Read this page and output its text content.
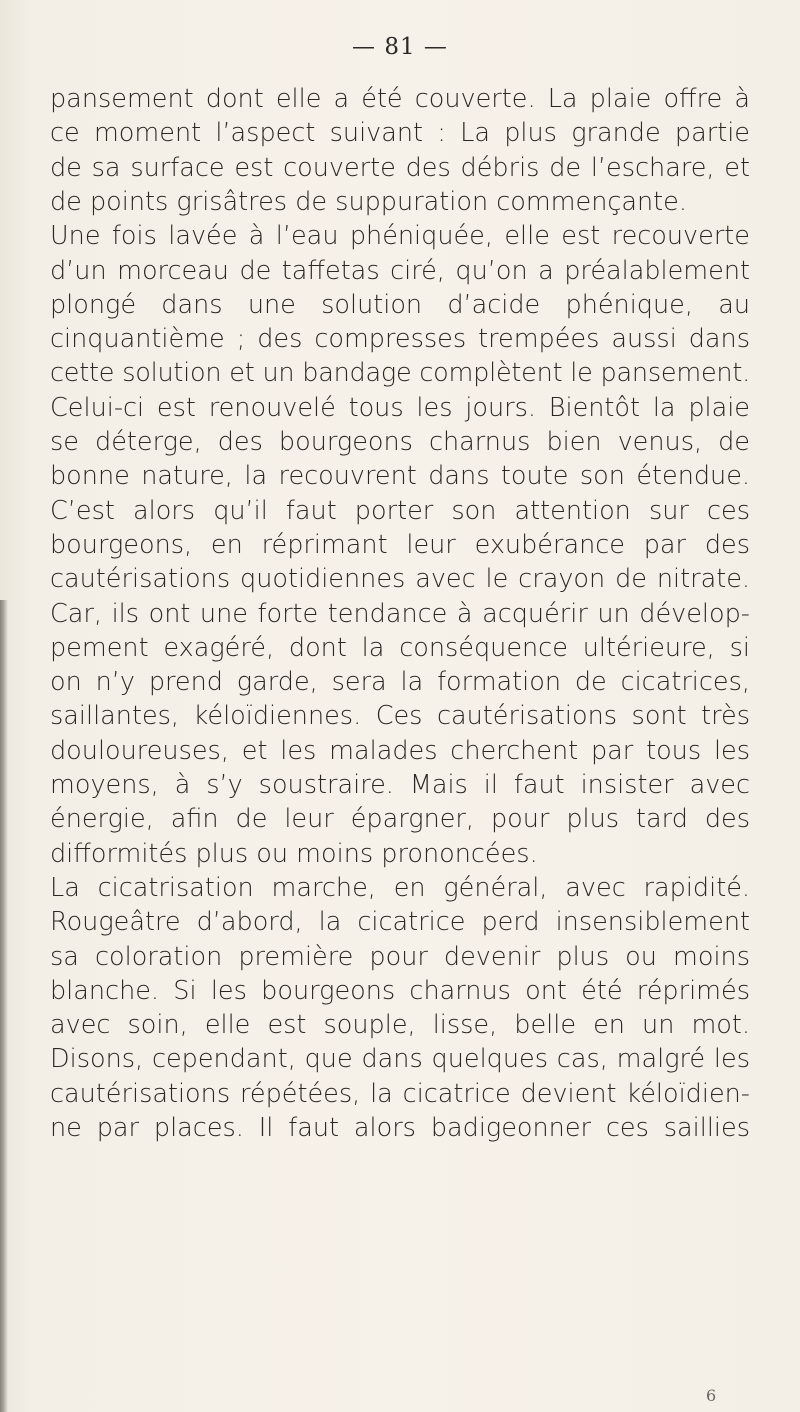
— 81 —
pansement dont elle a été couverte. La plaie offre à
ce moment l’aspect suivant : La plus grande partie
de sa surface est couverte des débris de l’eschare, et
de points grisâtres de suppuration commençante.
Une fois lavée à l’eau phéniquée, elle est recouverte
d’un morceau de taffetas ciré, qu’on a préalablement
plongé dans une solution d’acide phénique, au
cinquantième ; des compresses trempées aussi dans
cette solution et un bandage complètent le pansement.
Celui-ci est renouvelé tous les jours. Bientôt la plaie
se déterge, des bourgeons charnus bien venus, de
bonne nature, la recouvrent dans toute son étendue.
C’est alors qu’il faut porter son attention sur ces
bourgeons, en réprimant leur exubérance par des
cautérisations quotidiennes avec le crayon de nitrate.
Car, ils ont une forte tendance à acquérir un dévelop-
pement exagéré, dont la conséquence ultérieure, si
on n’y prend garde, sera la formation de cicatrices,
saillantes, kéloïdiennes. Ces cautérisations sont très
douloureuses, et les malades cherchent par tous les
moyens, à s’y soustraire. Mais il faut insister avec
énergie, afin de leur épargner, pour plus tard des
difformités plus ou moins prononcées.
La cicatrisation marche, en général, avec rapidité.
Rougeâtre d’abord, la cicatrice perd insensiblement
sa coloration première pour devenir plus ou moins
blanche. Si les bourgeons charnus ont été réprimés
avec soin, elle est souple, lisse, belle en un mot.
Disons, cependant, que dans quelques cas, malgré les
cautérisations répétées, la cicatrice devient kéloïdien-
ne par places. Il faut alors badigeonner ces saillies
6
